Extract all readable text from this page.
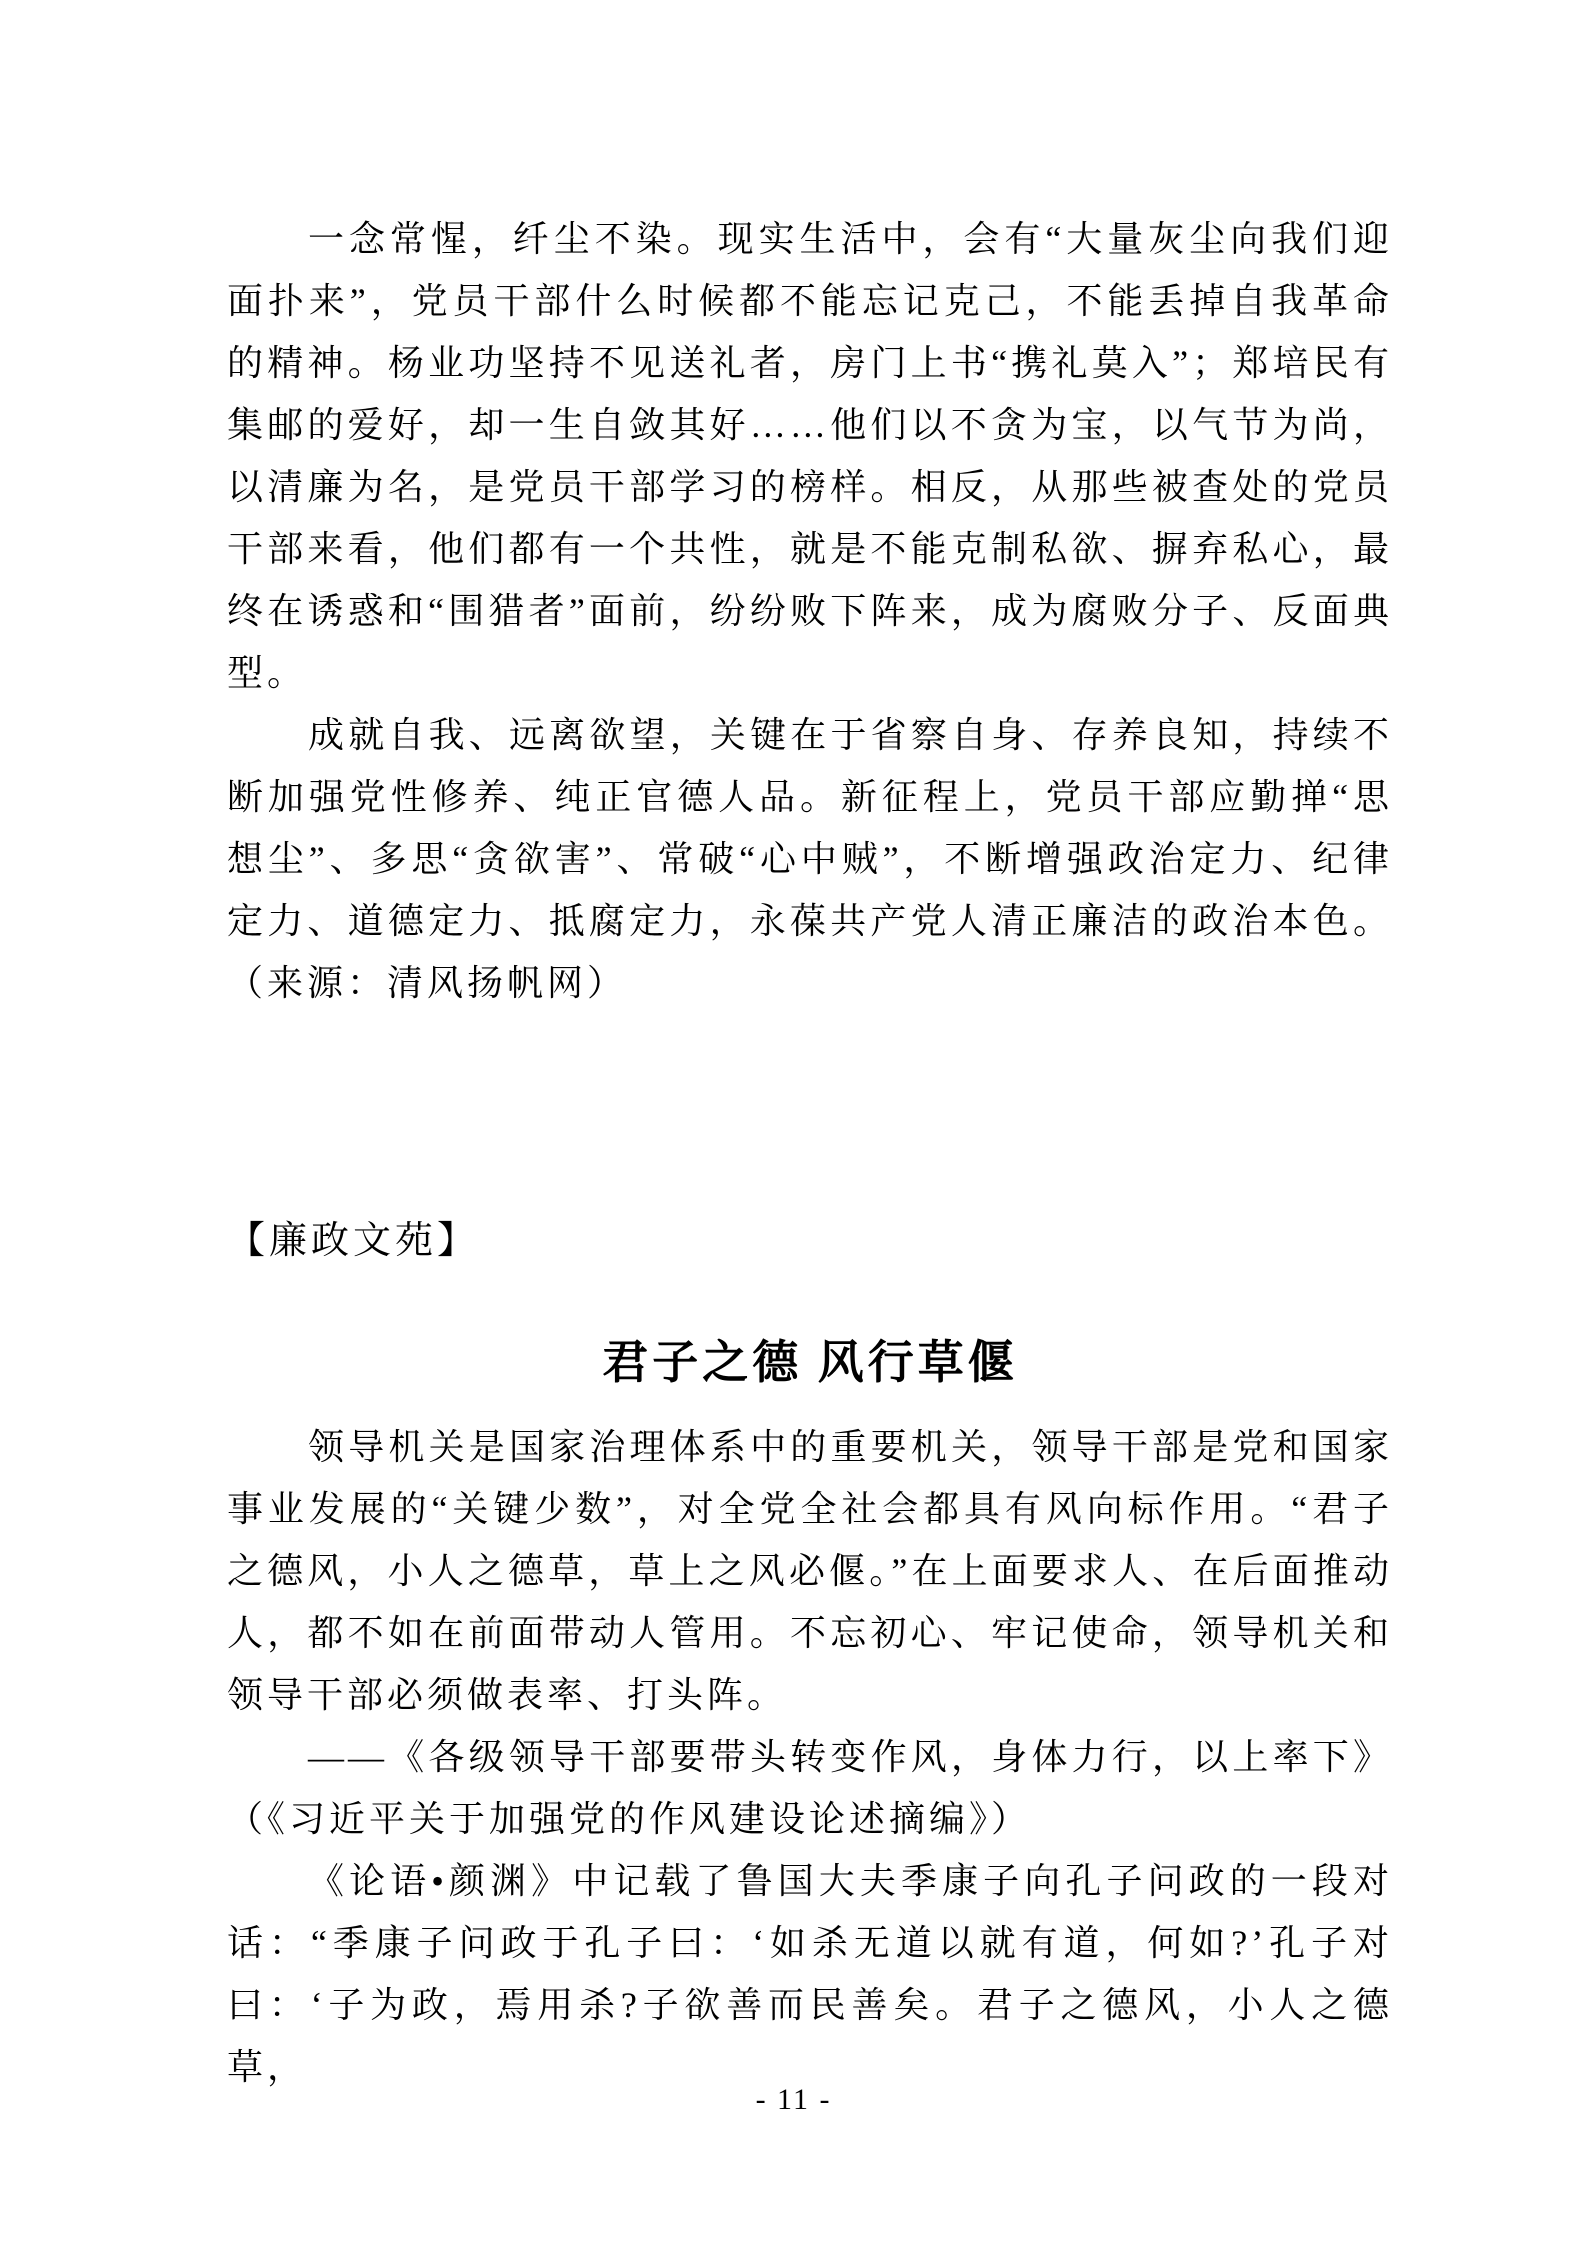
一念常惺，纤尘不染。现实生活中，会有“大量灰尘向我们迎面扑来”，党员干部什么时候都不能忘记克己，不能丢掉自我革命的精神。杨业功坚持不见送礼者，房门上书“携礼莫入”；郑培民有集邮的爱好，却一生自敛其好……他们以不贪为宝，以气节为尚，以清廉为名，是党员干部学习的榜样。相反，从那些被查处的党员干部来看，他们都有一个共性，就是不能克制私欲、摒弃私心，最终在诱惑和“围猎者”面前，纷纷败下阵来，成为腐败分子、反面典型。

成就自我、远离欲望，关键在于省察自身、存养良知，持续不断加强党性修养、纯正官德人品。新征程上，党员干部应勤掸“思想尘”、多思“贪欲害”、常破“心中贼”，不断增强政治定力、纪律定力、道德定力、抵腐定力，永葆共产党人清正廉洁的政治本色。（来源：清风扬帆网）

【廉政文苑】
君子之德 风行草偃

领导机关是国家治理体系中的重要机关，领导干部是党和国家事业发展的“关键少数”，对全党全社会都具有风向标作用。“君子之德风，小人之德草，草上之风必偃。”在上面要求人、在后面推动人，都不如在前面带动人管用。不忘初心、牢记使命，领导机关和领导干部必须做表率、打头阵。

——《各级领导干部要带头转变作风，身体力行，以上率下》（《习近平关于加强党的作风建设论述摘编》）

《论语•颜渊》中记载了鲁国大夫季康子向孔子问政的一段对话：“季康子问政于孔子曰：‘如杀无道以就有道，何如?’孔子对曰：‘子为政，焉用杀?子欲善而民善矣。君子之德风，小人之德草，

- 11 -
